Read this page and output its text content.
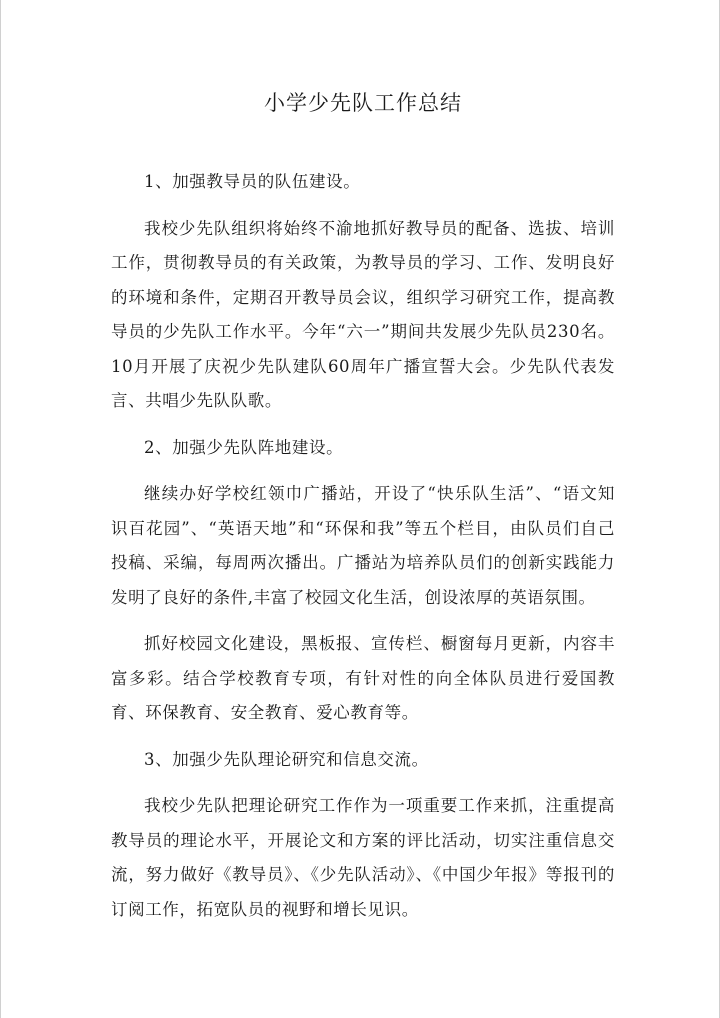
小学少先队工作总结
1、加强教导员的队伍建设。
我校少先队组织将始终不渝地抓好教导员的配备、选拔、培训工作，贯彻教导员的有关政策，为教导员的学习、工作、发明良好的环境和条件，定期召开教导员会议，组织学习研究工作，提高教导员的少先队工作水平。今年“六一”期间共发展少先队员230名。10月开展了庆祝少先队建队60周年广播宣誓大会。少先队代表发言、共唱少先队队歌。
2、加强少先队阵地建设。
继续办好学校红领巾广播站，开设了“快乐队生活”、“语文知识百花园”、“英语天地”和“环保和我”等五个栏目，由队员们自己投稿、采编，每周两次播出。广播站为培养队员们的创新实践能力发明了良好的条件,丰富了校园文化生活，创设浓厚的英语氛围。
抓好校园文化建设，黑板报、宣传栏、橱窗每月更新，内容丰富多彩。结合学校教育专项，有针对性的向全体队员进行爱国教育、环保教育、安全教育、爱心教育等。
3、加强少先队理论研究和信息交流。
我校少先队把理论研究工作作为一项重要工作来抓，注重提高教导员的理论水平，开展论文和方案的评比活动，切实注重信息交流，努力做好《教导员》、《少先队活动》、《中国少年报》等报刊的订阅工作，拓宽队员的视野和增长见识。
